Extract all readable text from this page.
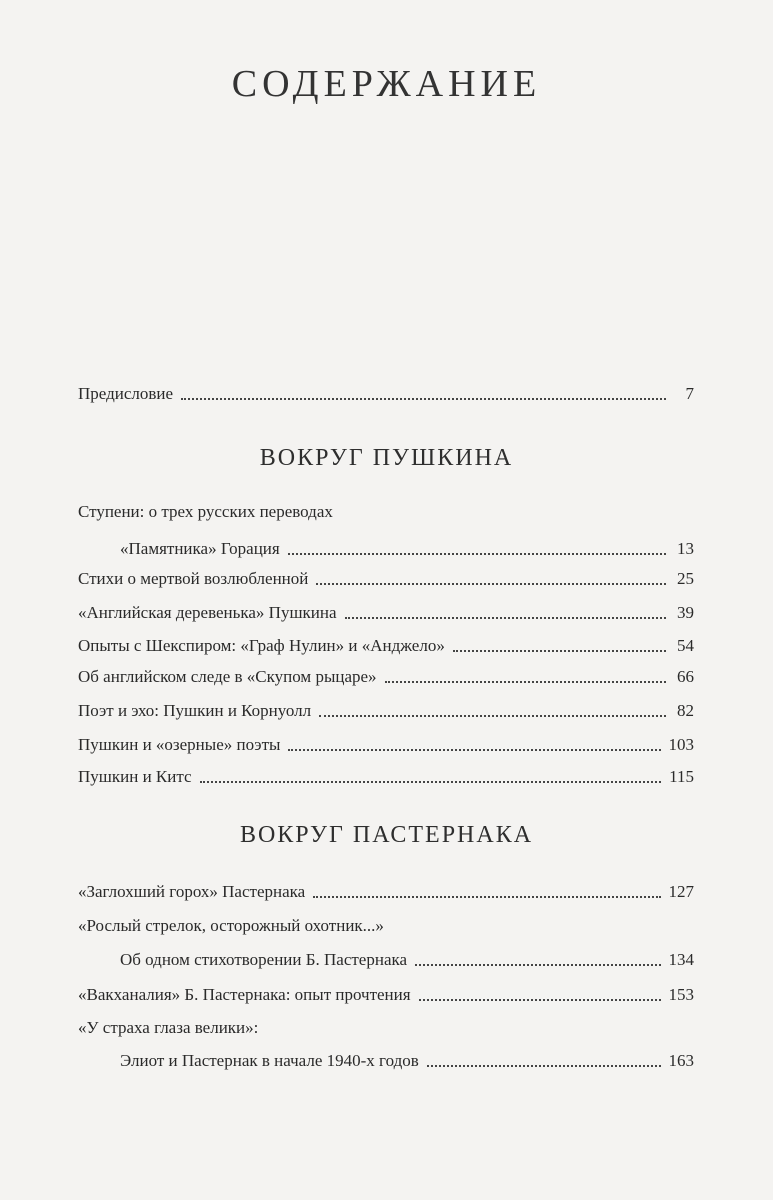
СОДЕРЖАНИЕ
Предисловие	7
ВОКРУГ ПУШКИНА
Ступени: о трех русских переводах
«Памятника» Горация	13
Стихи о мертвой возлюбленной	25
«Английская деревенька» Пушкина	39
Опыты с Шекспиром: «Граф Нулин» и «Анджело»	54
Об английском следе в «Скупом рыцаре»	66
Поэт и эхо: Пушкин и Корнуолл	82
Пушкин и «озерные» поэты	103
Пушкин и Китс	115
ВОКРУГ ПАСТЕРНАКА
«Заглохший горох» Пастернака	127
«Рослый стрелок, осторожный охотник...»
Об одном стихотворении Б. Пастернака	134
«Вакханалия» Б. Пастернака: опыт прочтения	153
«У страха глаза велики»:
Элиот и Пастернак в начале 1940-х годов	163
